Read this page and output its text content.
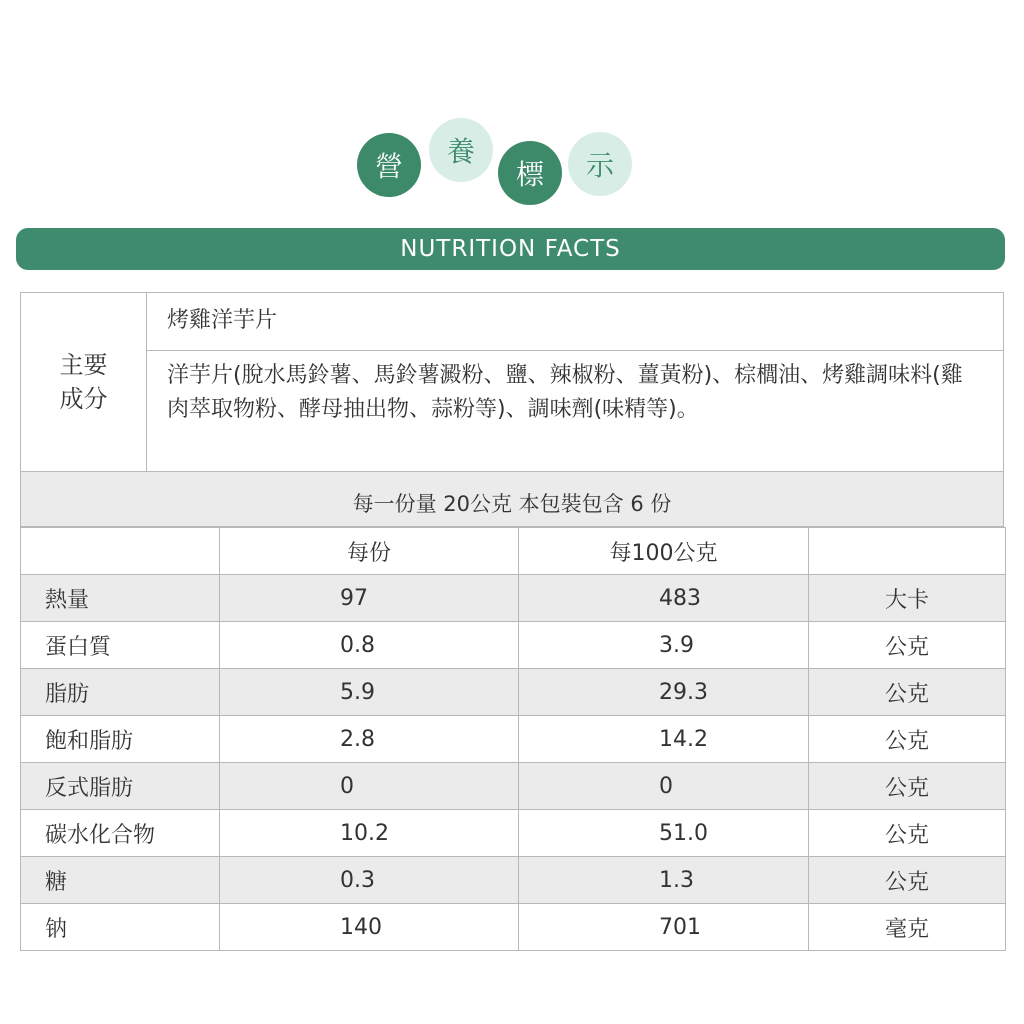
營	養
標	示
NUTRITION FACTS
主要
成分
烤雞洋芋片
洋芋片(脫水馬鈴薯、馬鈴薯澱粉、鹽、辣椒粉、薑黃粉)、棕櫚油、烤雞調味料(雞肉萃取物粉、酵母抽出物、蒜粉等)、調味劑(味精等)。
每一份量 20公克 本包裝包含 6 份
	每份	每100公克	
熱量	97	483	大卡
蛋白質	0.8	3.9	公克
脂肪	5.9	29.3	公克
飽和脂肪	2.8	14.2	公克
反式脂肪	0	0	公克
碳水化合物	10.2	51.0	公克
糖	0.3	1.3	公克
钠	140	701	毫克
